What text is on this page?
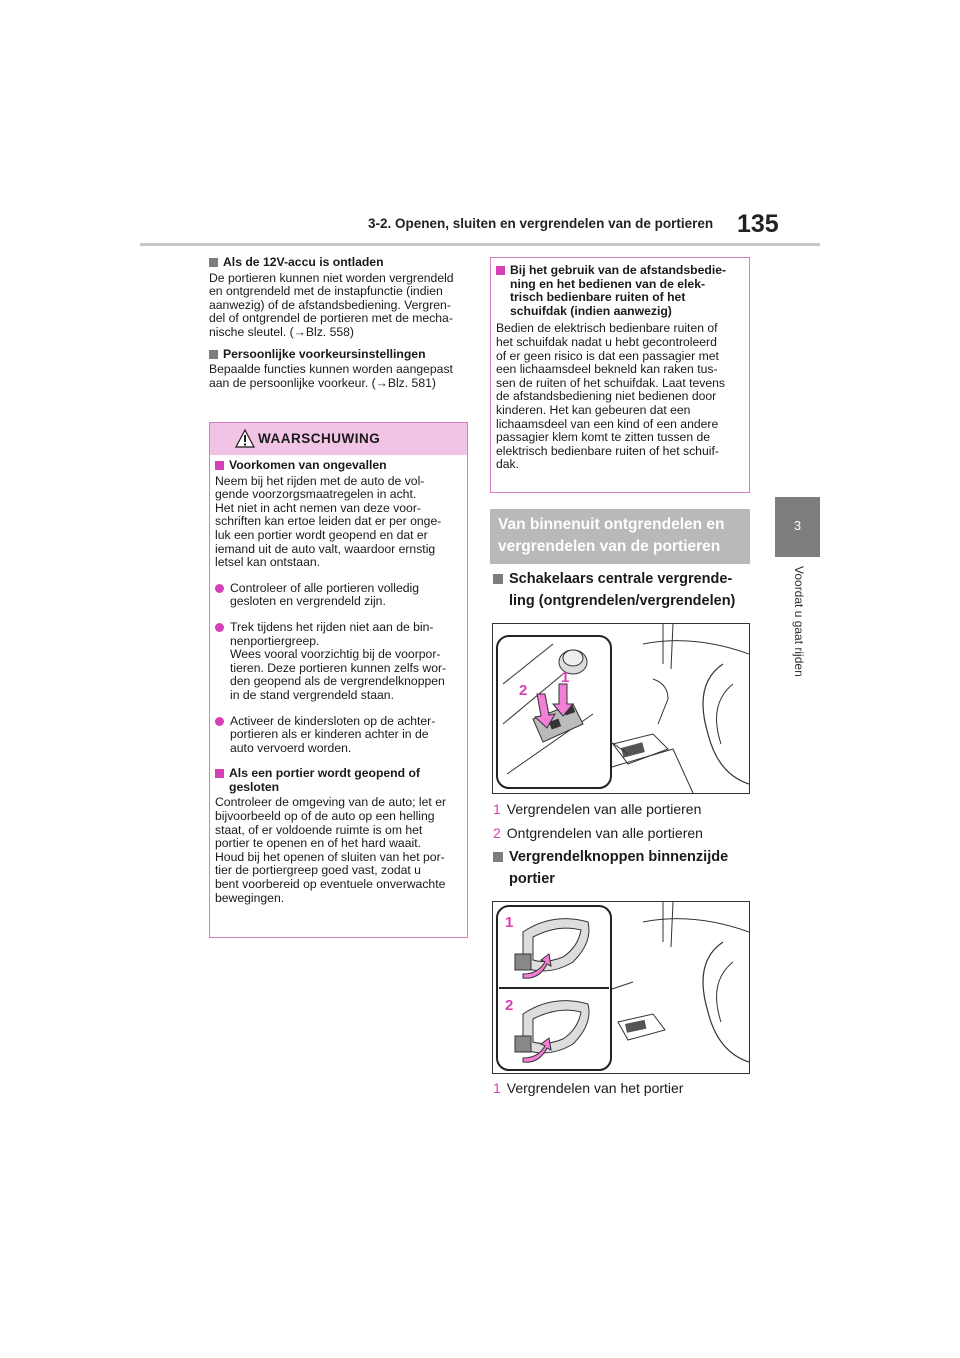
3-2. Openen, sluiten en vergrendelen van de portieren 135
3
Voordat u gaat rijden
Als de 12V-accu is ontladen
De portieren kunnen niet worden vergrendeld
en ontgrendeld met de instapfunctie (indien
aanwezig) of de afstandsbediening. Vergren-
del of ontgrendel de portieren met de mecha-
nische sleutel. (→Blz. 558)
Persoonlijke voorkeursinstellingen
Bepaalde functies kunnen worden aangepast
aan de persoonlijke voorkeur. (→Blz. 581)
WAARSCHUWING
Voorkomen van ongevallen
Neem bij het rijden met de auto de vol-
gende voorzorgsmaatregelen in acht.
Het niet in acht nemen van deze voor-
schriften kan ertoe leiden dat er per onge-
luk een portier wordt geopend en dat er
iemand uit de auto valt, waardoor ernstig
letsel kan ontstaan.
Controleer of alle portieren volledig
gesloten en vergrendeld zijn.
Trek tijdens het rijden niet aan de bin-
nenportiergreep.
Wees vooral voorzichtig bij de voorpor-
tieren. Deze portieren kunnen zelfs wor-
den geopend als de vergrendelknoppen
in de stand vergrendeld staan.
Activeer de kindersloten op de achter-
portieren als er kinderen achter in de
auto vervoerd worden.
Als een portier wordt geopend of
gesloten
Controleer de omgeving van de auto; let er
bijvoorbeeld op of de auto op een helling
staat, of er voldoende ruimte is om het
portier te openen en of het hard waait.
Houd bij het openen of sluiten van het por-
tier de portiergreep goed vast, zodat u
bent voorbereid op eventuele onverwachte
bewegingen.
Bij het gebruik van de afstandsbedie-
ning en het bedienen van de elek-
trisch bedienbare ruiten of het
schuifdak (indien aanwezig)
Bedien de elektrisch bedienbare ruiten of
het schuifdak nadat u hebt gecontroleerd
of er geen risico is dat een passagier met
een lichaamsdeel bekneld kan raken tus-
sen de ruiten of het schuifdak. Laat tevens
de afstandsbediening niet bedienen door
kinderen. Het kan gebeuren dat een
lichaamsdeel van een kind of een andere
passagier klem komt te zitten tussen de
elektrisch bedienbare ruiten of het schuif-
dak.
Van binnenuit ontgrendelen en
vergrendelen van de portieren
Schakelaars centrale vergrende-
ling (ontgrendelen/vergrendelen)
1
2
1 Vergrendelen van alle portieren
2 Ontgrendelen van alle portieren
Vergrendelknoppen binnenzijde
portier
1
2
1 Vergrendelen van het portier
